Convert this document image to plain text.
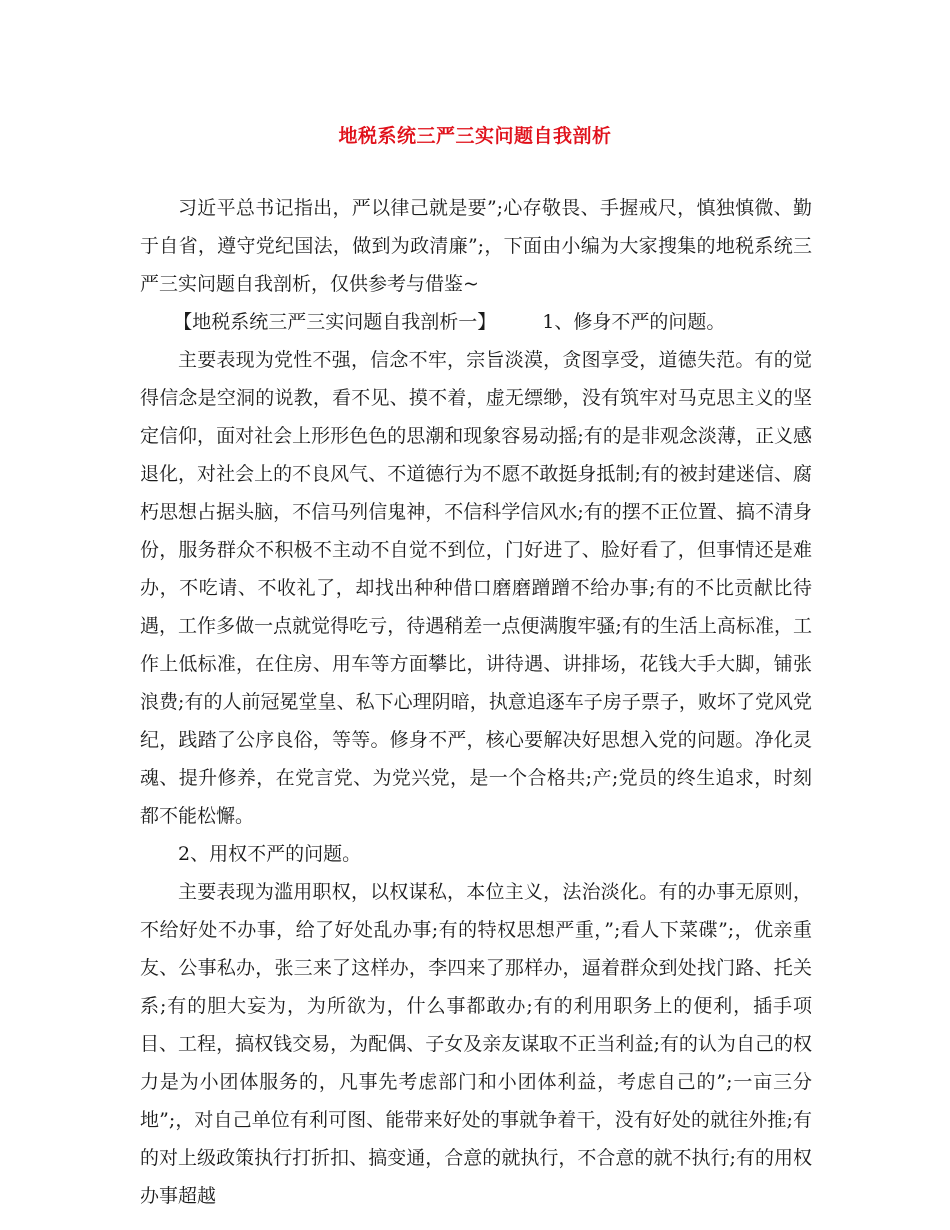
地税系统三严三实问题自我剖析

习近平总书记指出，严以律己就是要”;心存敬畏、手握戒尺，慎独慎微、勤于自省，遵守党纪国法，做到为政清廉”;，下面由小编为大家搜集的地税系统三严三实问题自我剖析，仅供参考与借鉴~

【地税系统三严三实问题自我剖析一】 1、修身不严的问题。

主要表现为党性不强，信念不牢，宗旨淡漠，贪图享受，道德失范。有的觉得信念是空洞的说教，看不见、摸不着，虚无缥缈，没有筑牢对马克思主义的坚定信仰，面对社会上形形色色的思潮和现象容易动摇;有的是非观念淡薄，正义感退化，对社会上的不良风气、不道德行为不愿不敢挺身抵制;有的被封建迷信、腐朽思想占据头脑，不信马列信鬼神，不信科学信风水;有的摆不正位置、搞不清身份，服务群众不积极不主动不自觉不到位，门好进了、脸好看了，但事情还是难办，不吃请、不收礼了，却找出种种借口磨磨蹭蹭不给办事;有的不比贡献比待遇，工作多做一点就觉得吃亏，待遇稍差一点便满腹牢骚;有的生活上高标准，工作上低标准，在住房、用车等方面攀比，讲待遇、讲排场，花钱大手大脚，铺张浪费;有的人前冠冕堂皇、私下心理阴暗，执意追逐车子房子票子，败坏了党风党纪，践踏了公序良俗，等等。修身不严，核心要解决好思想入党的问题。净化灵魂、提升修养，在党言党、为党兴党，是一个合格共;产;党员的终生追求，时刻都不能松懈。

2、用权不严的问题。

主要表现为滥用职权，以权谋私，本位主义，法治淡化。有的办事无原则，不给好处不办事，给了好处乱办事;有的特权思想严重，”;看人下菜碟”;，优亲重友、公事私办，张三来了这样办，李四来了那样办，逼着群众到处找门路、托关系;有的胆大妄为，为所欲为，什么事都敢办;有的利用职务上的便利，插手项目、工程，搞权钱交易，为配偶、子女及亲友谋取不正当利益;有的认为自己的权力是为小团体服务的，凡事先考虑部门和小团体利益，考虑自己的”;一亩三分地”;，对自己单位有利可图、能带来好处的事就争着干，没有好处的就往外推;有的对上级政策执行打折扣、搞变通，合意的就执行，不合意的就不执行;有的用权办事超越
